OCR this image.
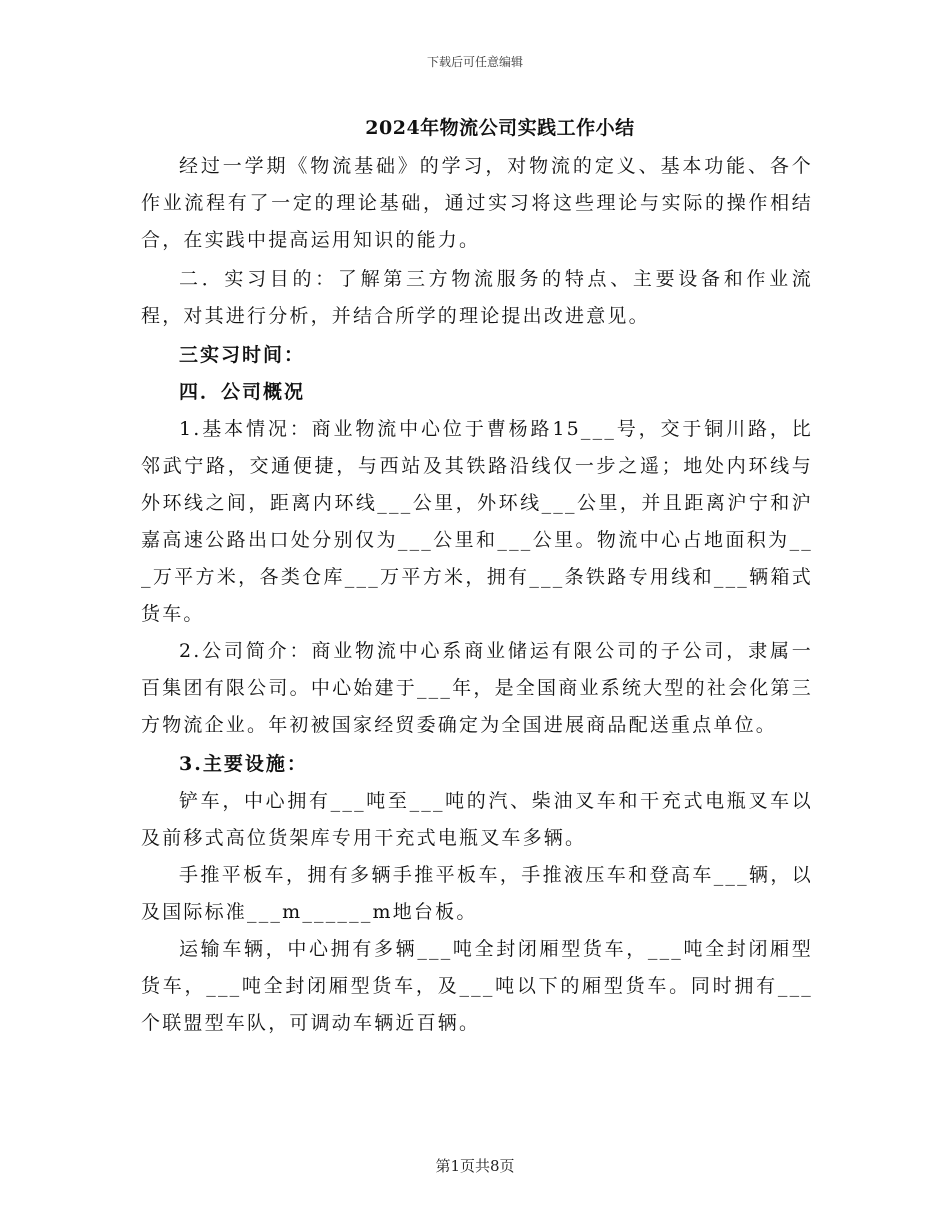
下载后可任意编辑
2024年物流公司实践工作小结

经过一学期《物流基础》的学习，对物流的定义、基本功能、各个作业流程有了一定的理论基础，通过实习将这些理论与实际的操作相结合，在实践中提高运用知识的能力。

二．实习目的：了解第三方物流服务的特点、主要设备和作业流程，对其进行分析，并结合所学的理论提出改进意见。

三实习时间：

四．公司概况

1.基本情况：商业物流中心位于曹杨路15___号，交于铜川路，比邻武宁路，交通便捷，与西站及其铁路沿线仅一步之遥；地处内环线与外环线之间，距离内环线___公里，外环线___公里，并且距离沪宁和沪嘉高速公路出口处分别仅为___公里和___公里。物流中心占地面积为___万平方米，各类仓库___万平方米，拥有___条铁路专用线和___辆箱式货车。

2.公司简介：商业物流中心系商业储运有限公司的子公司，隶属一百集团有限公司。中心始建于___年，是全国商业系统大型的社会化第三方物流企业。年初被国家经贸委确定为全国进展商品配送重点单位。

3.主要设施：

铲车，中心拥有___吨至___吨的汽、柴油叉车和干充式电瓶叉车以及前移式高位货架库专用干充式电瓶叉车多辆。

手推平板车，拥有多辆手推平板车，手推液压车和登高车___辆，以及国际标准___m______m地台板。

运输车辆，中心拥有多辆___吨全封闭厢型货车，___吨全封闭厢型货车，___吨全封闭厢型货车，及___吨以下的厢型货车。同时拥有___个联盟型车队，可调动车辆近百辆。

第1页共8页
